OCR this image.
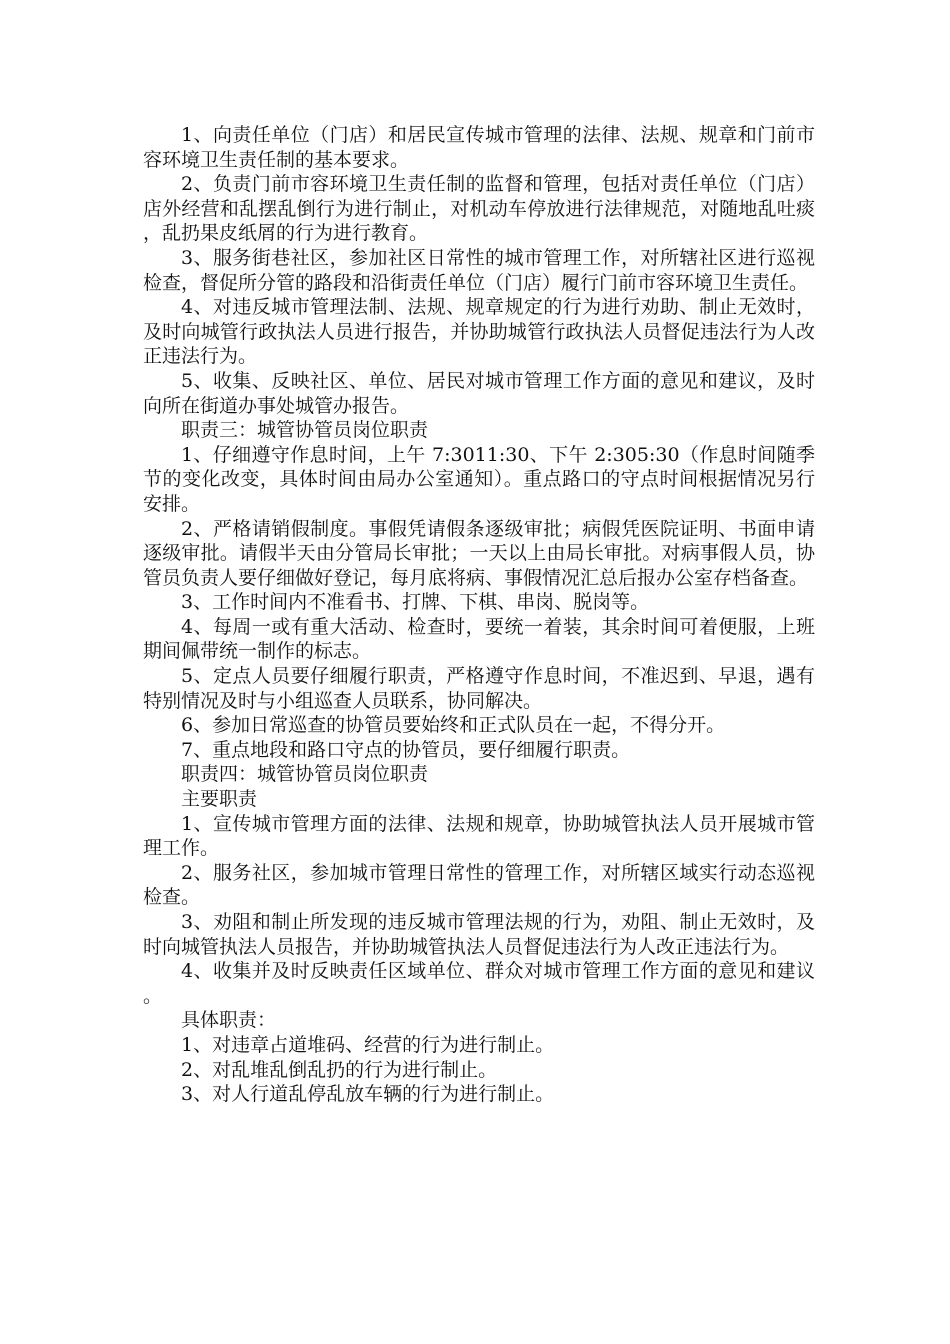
1、向责任单位（门店）和居民宣传城市管理的法律、法规、规章和门前市容环境卫生责任制的基本要求。

2、负责门前市容环境卫生责任制的监督和管理，包括对责任单位（门店）店外经营和乱摆乱倒行为进行制止，对机动车停放进行法律规范，对随地乱吐痰，乱扔果皮纸屑的行为进行教育。

3、服务街巷社区，参加社区日常性的城市管理工作，对所辖社区进行巡视检查，督促所分管的路段和沿街责任单位（门店）履行门前市容环境卫生责任。

4、对违反城市管理法制、法规、规章规定的行为进行劝助、制止无效时，及时向城管行政执法人员进行报告，并协助城管行政执法人员督促违法行为人改正违法行为。

5、收集、反映社区、单位、居民对城市管理工作方面的意见和建议，及时向所在街道办事处城管办报告。

职责三：城管协管员岗位职责

1、仔细遵守作息时间，上午 7:3011:30、下午 2:305:30（作息时间随季节的变化改变，具体时间由局办公室通知）。重点路口的守点时间根据情况另行安排。

2、严格请销假制度。事假凭请假条逐级审批；病假凭医院证明、书面申请逐级审批。请假半天由分管局长审批；一天以上由局长审批。对病事假人员，协管员负责人要仔细做好登记，每月底将病、事假情况汇总后报办公室存档备查。

3、工作时间内不准看书、打牌、下棋、串岗、脱岗等。

4、每周一或有重大活动、检查时，要统一着装，其余时间可着便服，上班期间佩带统一制作的标志。

5、定点人员要仔细履行职责，严格遵守作息时间，不准迟到、早退，遇有特别情况及时与小组巡查人员联系，协同解决。

6、参加日常巡查的协管员要始终和正式队员在一起，不得分开。

7、重点地段和路口守点的协管员，要仔细履行职责。

职责四：城管协管员岗位职责

主要职责

1、宣传城市管理方面的法律、法规和规章，协助城管执法人员开展城市管理工作。

2、服务社区，参加城市管理日常性的管理工作，对所辖区域实行动态巡视检查。

3、劝阻和制止所发现的违反城市管理法规的行为，劝阻、制止无效时，及时向城管执法人员报告，并协助城管执法人员督促违法行为人改正违法行为。

4、收集并及时反映责任区域单位、群众对城市管理工作方面的意见和建议。

具体职责：

1、对违章占道堆码、经营的行为进行制止。

2、对乱堆乱倒乱扔的行为进行制止。

3、对人行道乱停乱放车辆的行为进行制止。
